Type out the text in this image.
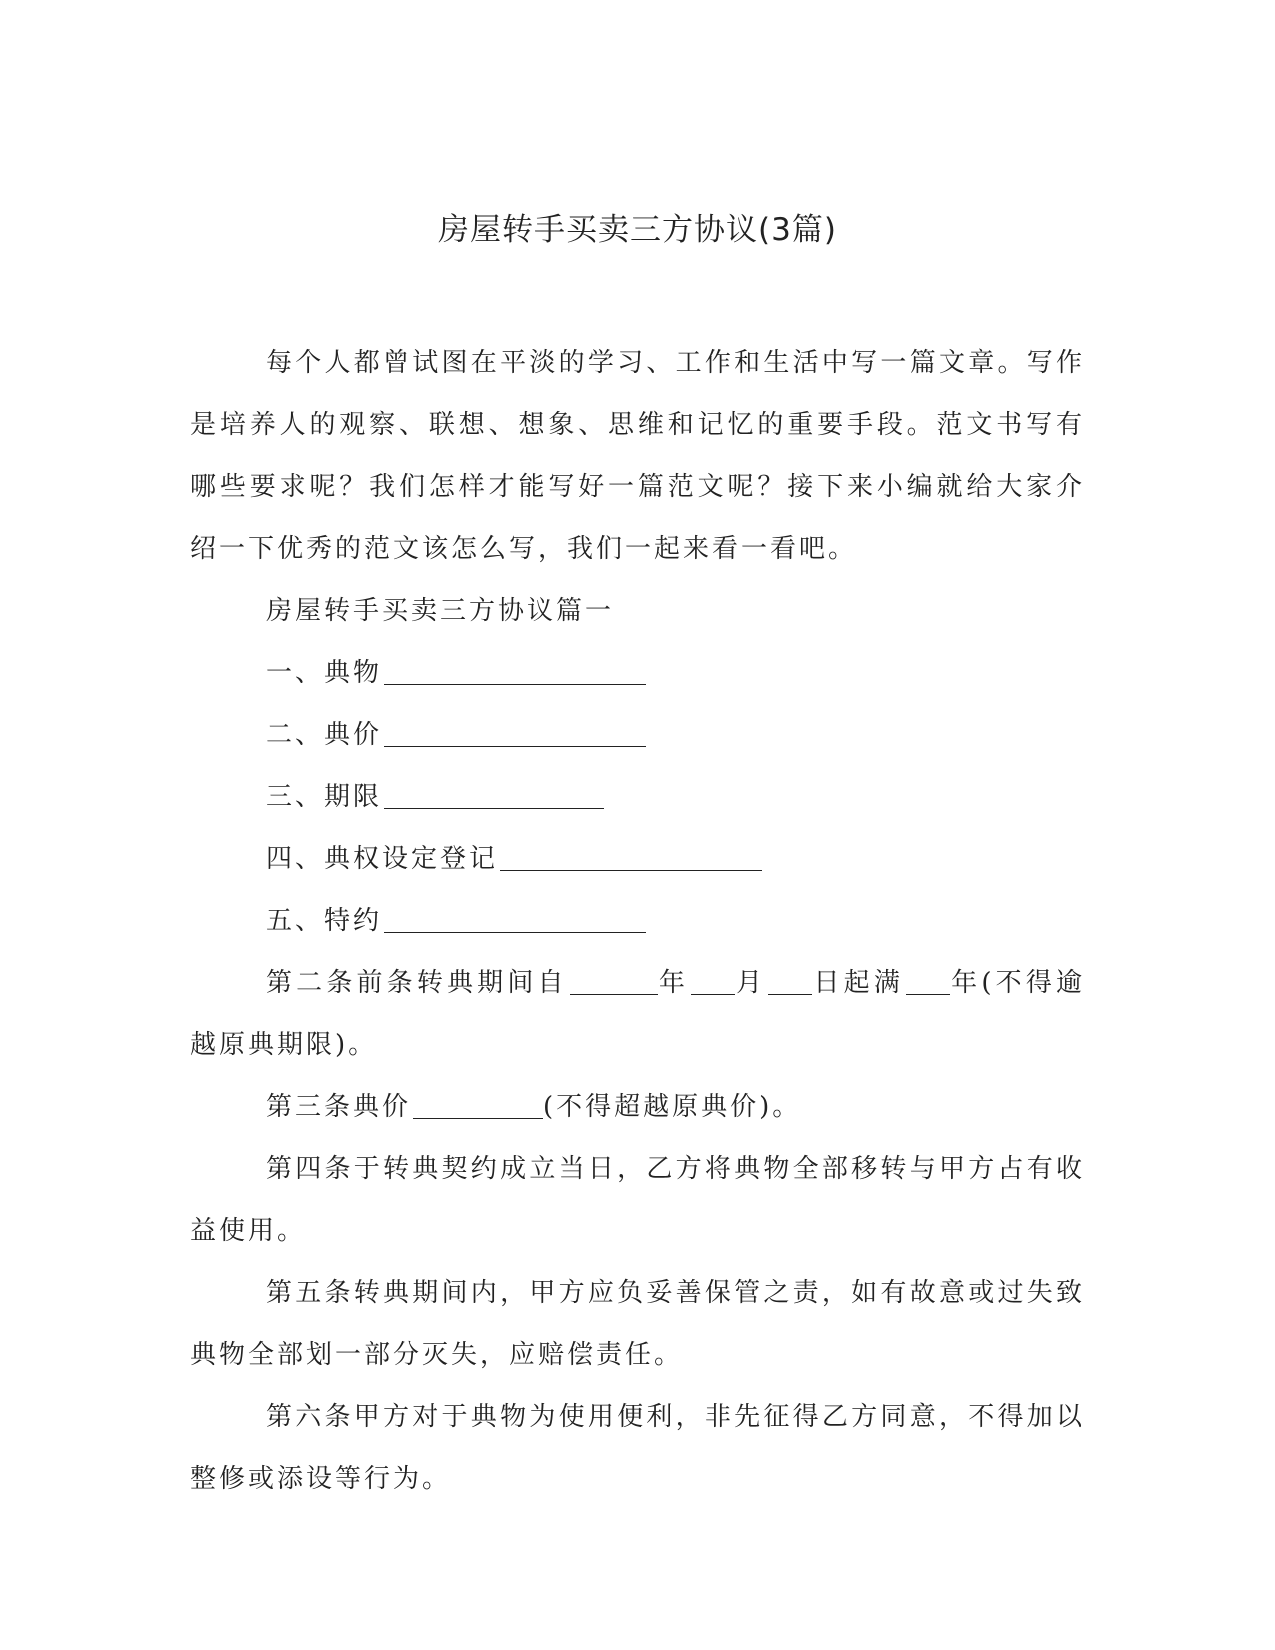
房屋转手买卖三方协议(3篇)

每个人都曾试图在平淡的学习、工作和生活中写一篇文章。写作是培养人的观察、联想、想象、思维和记忆的重要手段。范文书写有哪些要求呢？我们怎样才能写好一篇范文呢？接下来小编就给大家介绍一下优秀的范文该怎么写，我们一起来看一看吧。

房屋转手买卖三方协议篇一

一、典物

二、典价

三、期限

四、典权设定登记

五、特约

第二条前条转典期间自	年 月 日起满 年(不得逾越原典期限)。

第三条典价	(不得超越原典价)。

第四条于转典契约成立当日，乙方将典物全部移转与甲方占有收益使用。

第五条转典期间内，甲方应负妥善保管之责，如有故意或过失致典物全部划一部分灭失，应赔偿责任。

第六条甲方对于典物为使用便利，非先征得乙方同意，不得加以整修或添设等行为。
